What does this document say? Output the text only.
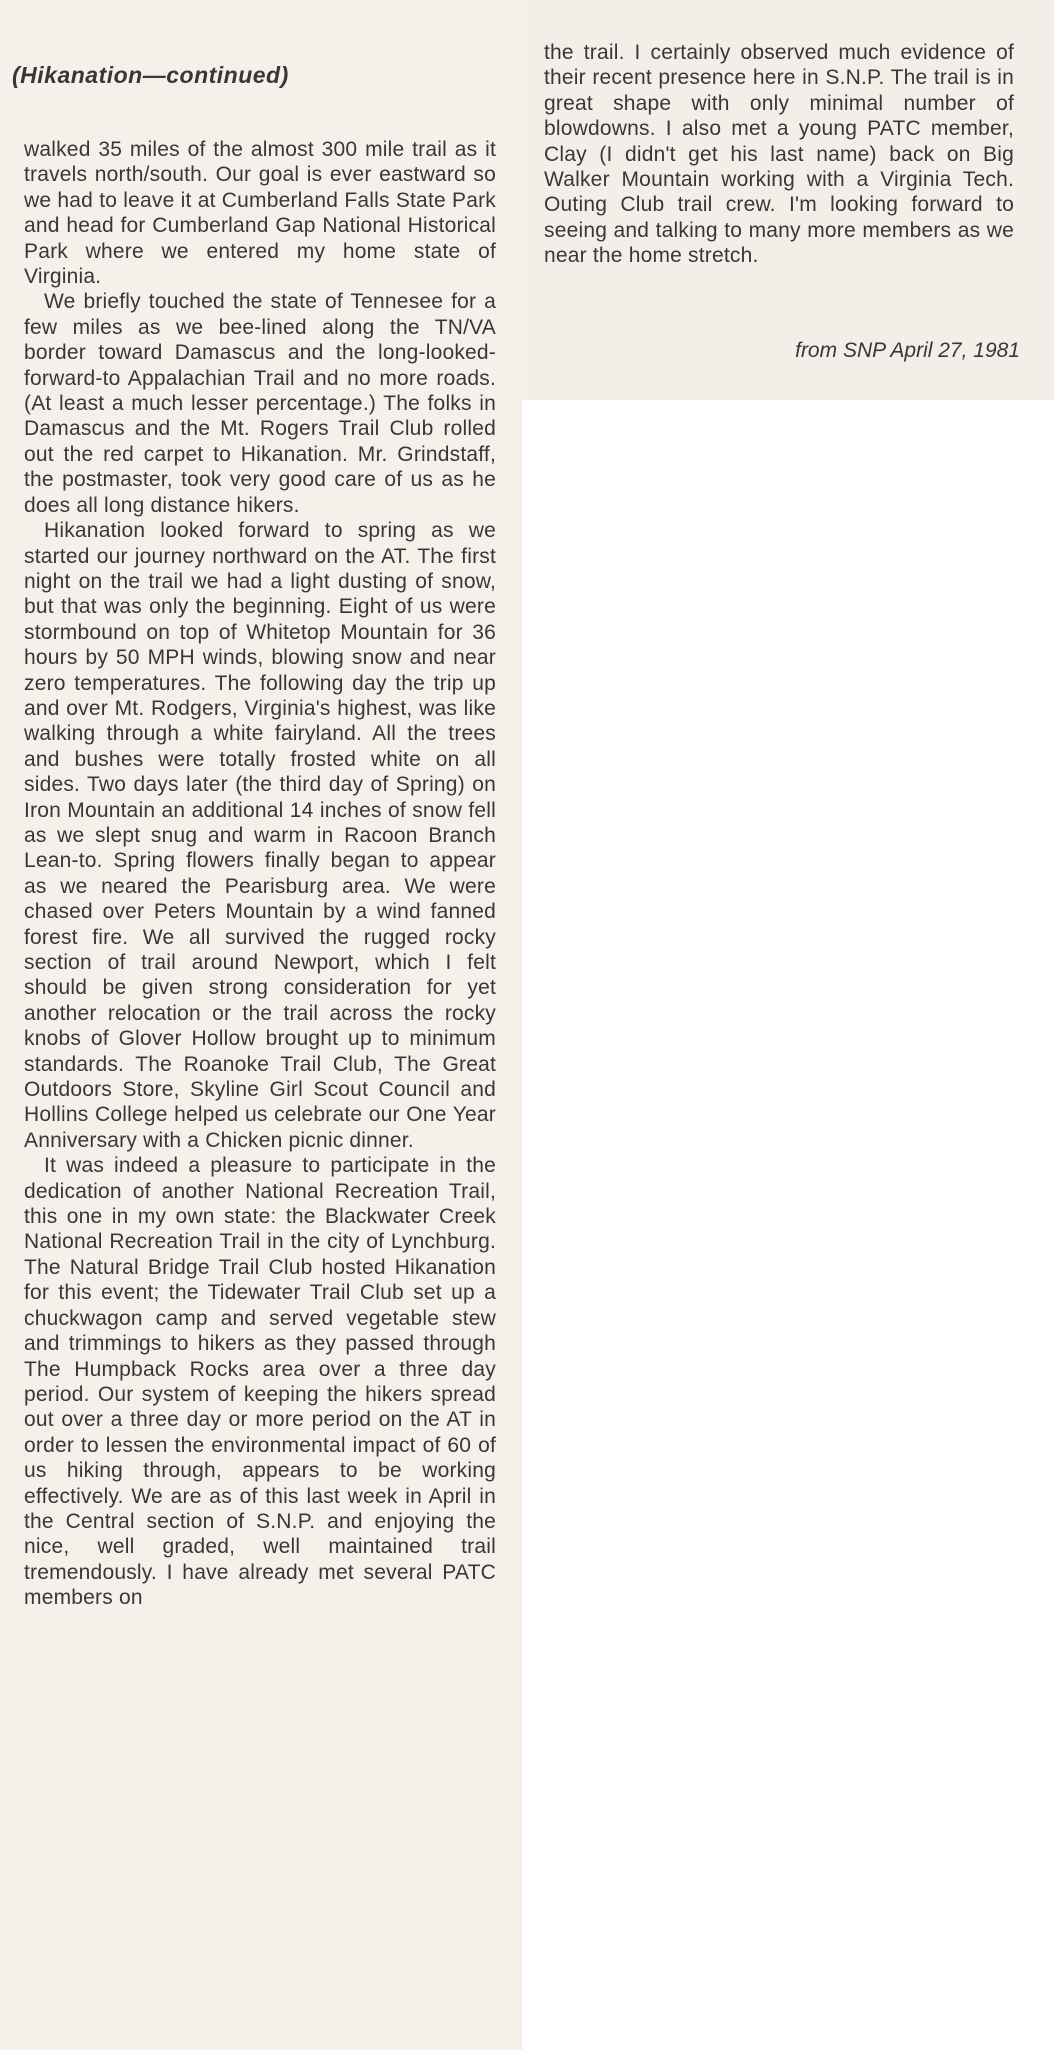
(Hikanation—continued)

walked 35 miles of the almost 300 mile trail as it travels north/south. Our goal is ever eastward so we had to leave it at Cumberland Falls State Park and head for Cumberland Gap National Historical Park where we entered my home state of Virginia.

We briefly touched the state of Tennesee for a few miles as we bee-lined along the TN/VA border toward Damascus and the long-looked-forward-to Appalachian Trail and no more roads. (At least a much lesser percentage.) The folks in Damascus and the Mt. Rogers Trail Club rolled out the red carpet to Hikanation. Mr. Grindstaff, the postmaster, took very good care of us as he does all long distance hikers.

Hikanation looked forward to spring as we started our journey northward on the AT. The first night on the trail we had a light dusting of snow, but that was only the beginning. Eight of us were stormbound on top of Whitetop Mountain for 36 hours by 50 MPH winds, blowing snow and near zero temperatures. The following day the trip up and over Mt. Rodgers, Virginia's highest, was like walking through a white fairyland. All the trees and bushes were totally frosted white on all sides. Two days later (the third day of Spring) on Iron Mountain an additional 14 inches of snow fell as we slept snug and warm in Racoon Branch Lean-to. Spring flowers finally began to appear as we neared the Pearisburg area. We were chased over Peters Mountain by a wind fanned forest fire. We all survived the rugged rocky section of trail around Newport, which I felt should be given strong consideration for yet another relocation or the trail across the rocky knobs of Glover Hollow brought up to minimum standards. The Roanoke Trail Club, The Great Outdoors Store, Skyline Girl Scout Council and Hollins College helped us celebrate our One Year Anniversary with a Chicken picnic dinner.

It was indeed a pleasure to participate in the dedication of another National Recreation Trail, this one in my own state: the Blackwater Creek National Recreation Trail in the city of Lynchburg. The Natural Bridge Trail Club hosted Hikanation for this event; the Tidewater Trail Club set up a chuckwagon camp and served vegetable stew and trimmings to hikers as they passed through The Humpback Rocks area over a three day period. Our system of keeping the hikers spread out over a three day or more period on the AT in order to lessen the environmental impact of 60 of us hiking through, appears to be working effectively. We are as of this last week in April in the Central section of S.N.P. and enjoying the nice, well graded, well maintained trail tremendously. I have already met several PATC members on

the trail. I certainly observed much evidence of their recent presence here in S.N.P. The trail is in great shape with only minimal number of blowdowns. I also met a young PATC member, Clay (I didn't get his last name) back on Big Walker Mountain working with a Virginia Tech. Outing Club trail crew. I'm looking forward to seeing and talking to many more members as we near the home stretch.

from SNP April 27, 1981
